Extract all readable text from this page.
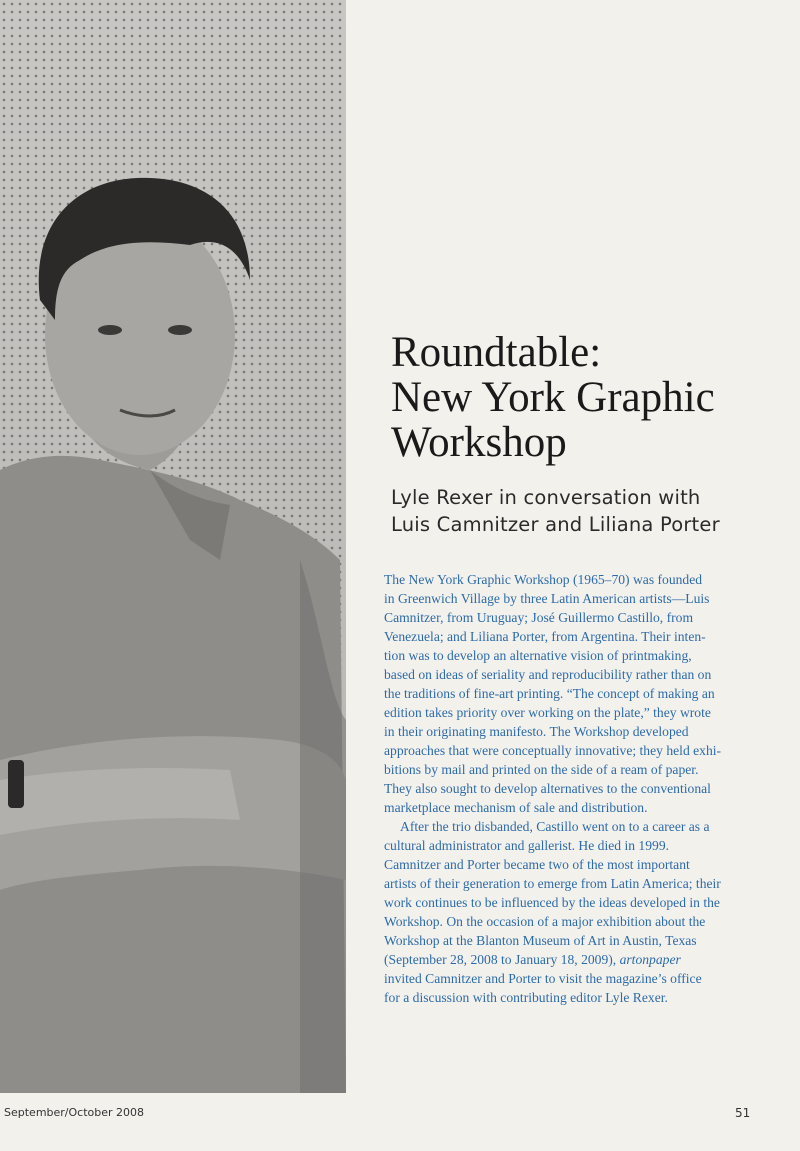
Roundtable:
New York Graphic
Workshop
Lyle Rexer in conversation with
Luis Camnitzer and Liliana Porter
The New York Graphic Workshop (1965–70) was founded
in Greenwich Village by three Latin American artists—Luis
Camnitzer, from Uruguay; José Guillermo Castillo, from
Venezuela; and Liliana Porter, from Argentina. Their inten-
tion was to develop an alternative vision of printmaking,
based on ideas of seriality and reproducibility rather than on
the traditions of fine-art printing. “The concept of making an
edition takes priority over working on the plate,” they wrote
in their originating manifesto. The Workshop developed
approaches that were conceptually innovative; they held exhi-
bitions by mail and printed on the side of a ream of paper.
They also sought to develop alternatives to the conventional
marketplace mechanism of sale and distribution.
After the trio disbanded, Castillo went on to a career as a
cultural administrator and gallerist. He died in 1999.
Camnitzer and Porter became two of the most important
artists of their generation to emerge from Latin America; their
work continues to be influenced by the ideas developed in the
Workshop. On the occasion of a major exhibition about the
Workshop at the Blanton Museum of Art in Austin, Texas
(September 28, 2008 to January 18, 2009), artonpaper
invited Camnitzer and Porter to visit the magazine’s office
for a discussion with contributing editor Lyle Rexer.
September/October 2008	51
